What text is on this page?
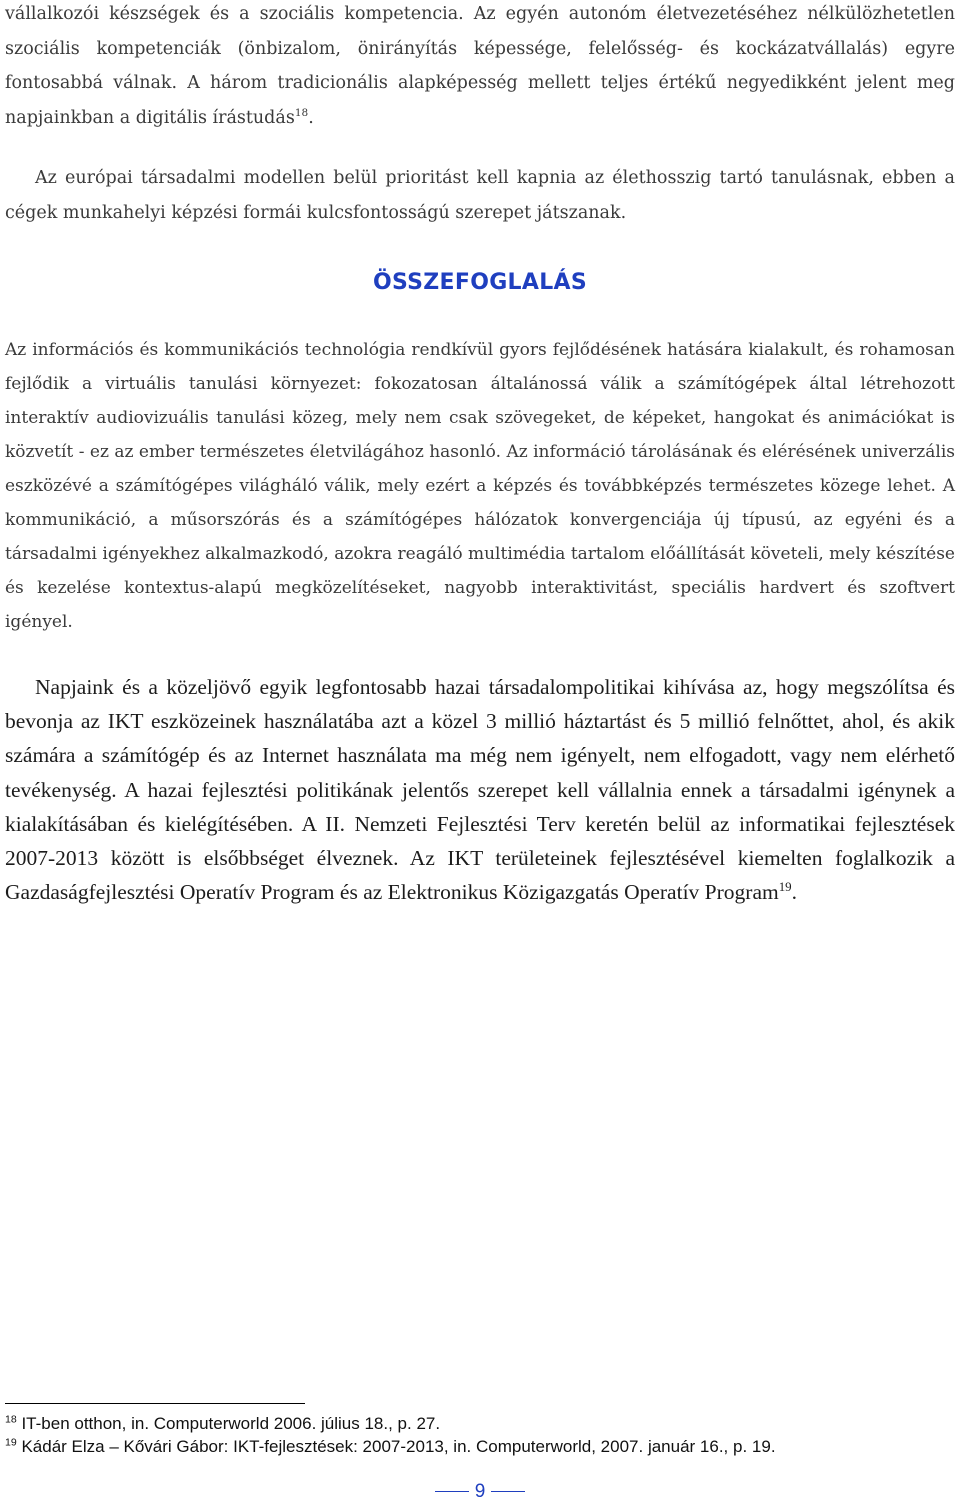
vállalkozói készségek és a szociális kompetencia. Az egyén autonóm életvezetéséhez nélkülözhetetlen szociális kompetenciák (önbizalom, önirányítás képessége, felelősség- és kockázatvállalás) egyre fontosabbá válnak. A három tradicionális alapképesség mellett teljes értékű negyedikként jelent meg napjainkban a digitális írástudás$^{18}$.

Az európai társadalmi modellen belül prioritást kell kapnia az élethosszig tartó tanulásnak, ebben a cégek munkahelyi képzési formái kulcsfontosságú szerepet játszanak.

ÖSSZEFOGLALÁS

Az információs és kommunikációs technológia rendkívül gyors fejlődésének hatására kialakult, és rohamosan fejlődik a virtuális tanulási környezet: fokozatosan általánossá válik a számítógépek által létrehozott interaktív audiovizuális tanulási közeg, mely nem csak szövegeket, de képeket, hangokat és animációkat is közvetít - ez az ember természetes életvilágához hasonló. Az információ tárolásának és elérésének univerzális eszközévé a számítógépes világháló válik, mely ezért a képzés és továbbképzés természetes közege lehet. A kommunikáció, a műsorszórás és a számítógépes hálózatok konvergenciája új típusú, az egyéni és a társadalmi igényekhez alkalmazkodó, azokra reagáló multimédia tartalom előállítását követeli, mely készítése és kezelése kontextus-alapú megközelítéseket, nagyobb interaktivitást, speciális hardvert és szoftvert igényel.

Napjaink és a közeljövő egyik legfontosabb hazai társadalompolitikai kihívása az, hogy megszólítsa és bevonja az IKT eszközeinek használatába azt a közel 3 millió háztartást és 5 millió felnőttet, ahol, és akik számára a számítógép és az Internet használata ma még nem igényelt, nem elfogadott, vagy nem elérhető tevékenység. A hazai fejlesztési politikának jelentős szerepet kell vállalnia ennek a társadalmi igénynek a kialakításában és kielégítésében. A II. Nemzeti Fejlesztési Terv keretén belül az informatikai fejlesztések 2007-2013 között is elsőbbséget élveznek. Az IKT területeinek fejlesztésével kiemelten foglalkozik a Gazdaságfejlesztési Operatív Program és az Elektronikus Közigazgatás Operatív Program$^{19}$.

$^{18}$ IT-ben otthon, in. Computerworld 2006. július 18., p. 27.
$^{19}$ Kádár Elza – Kővári Gábor: IKT-fejlesztések: 2007-2013, in. Computerworld, 2007. január 16., p. 19.
9
